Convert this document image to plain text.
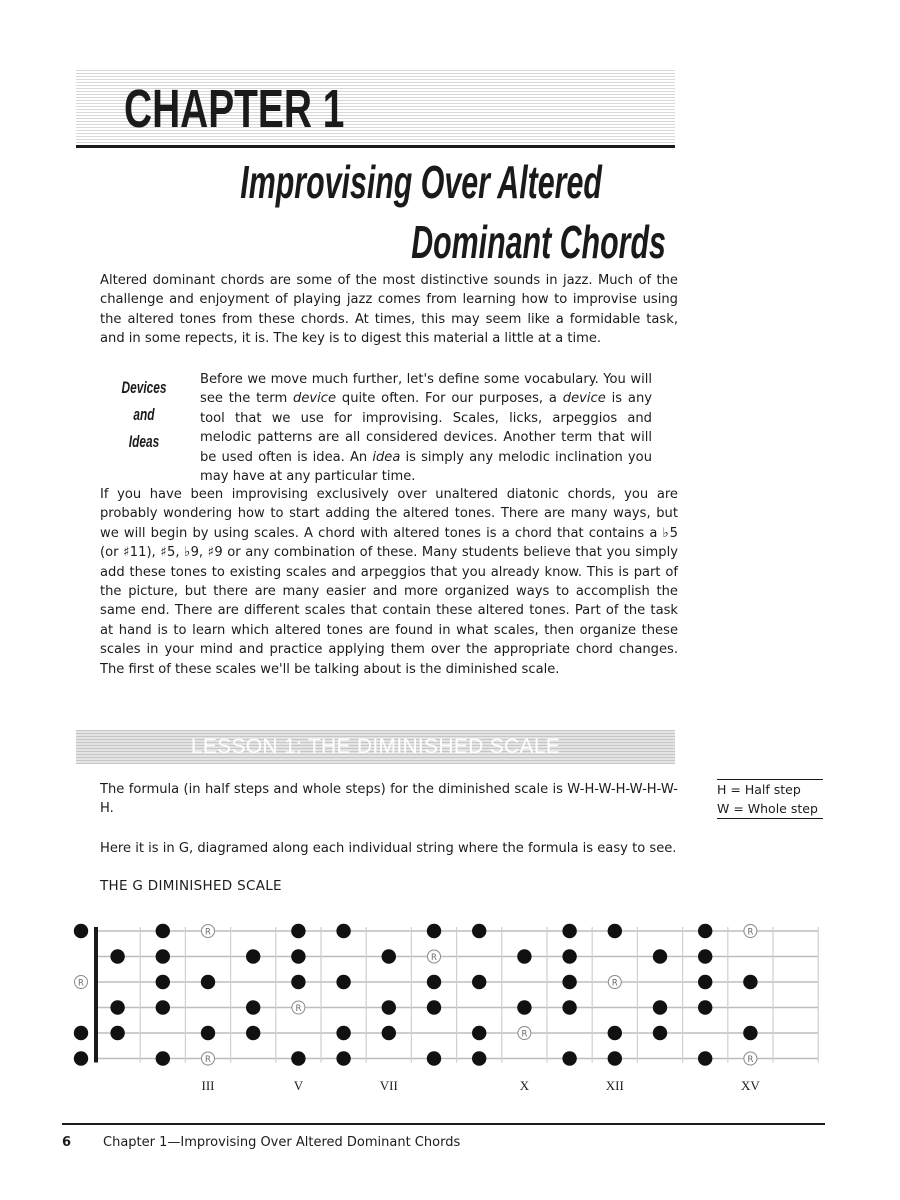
CHAPTER 1
Improvising Over Altered
Dominant Chords

Altered dominant chords are some of the most distinctive sounds in jazz. Much of the challenge and enjoyment of playing jazz comes from learning how to improvise using the altered tones from these chords. At times, this may seem like a formidable task, and in some repects, it is. The key is to digest this material a little at a time.

Devices
and
Ideas

Before we move much further, let's define some vocabulary. You will see the term device quite often. For our purposes, a device is any tool that we use for improvising. Scales, licks, arpeggios and melodic patterns are all considered devices. Another term that will be used often is idea. An idea is simply any melodic inclination you may have at any particular time.

If you have been improvising exclusively over unaltered diatonic chords, you are probably wondering how to start adding the altered tones. There are many ways, but we will begin by using scales. A chord with altered tones is a chord that contains a ♭5 (or ♯11), ♯5, ♭9, ♯9 or any combination of these. Many students believe that you simply add these tones to existing scales and arpeggios that you already know. This is part of the picture, but there are many easier and more organized ways to accomplish the same end. There are different scales that contain these altered tones. Part of the task at hand is to learn which altered tones are found in what scales, then organize these scales in your mind and practice applying them over the appropriate chord changes. The first of these scales we'll be talking about is the diminished scale.

LESSON 1: THE DIMINISHED SCALE

The formula (in half steps and whole steps) for the diminished scale is W-H-W-H-W-H-W-H.

H = Half step
W = Whole step

Here it is in G, diagramed along each individual string where the formula is easy to see.

THE G DIMINISHED SCALE
R	R
R
R	R
R
R
R	R
III	V	VII	X	XII	XV
6 Chapter 1—Improvising Over Altered Dominant Chords
